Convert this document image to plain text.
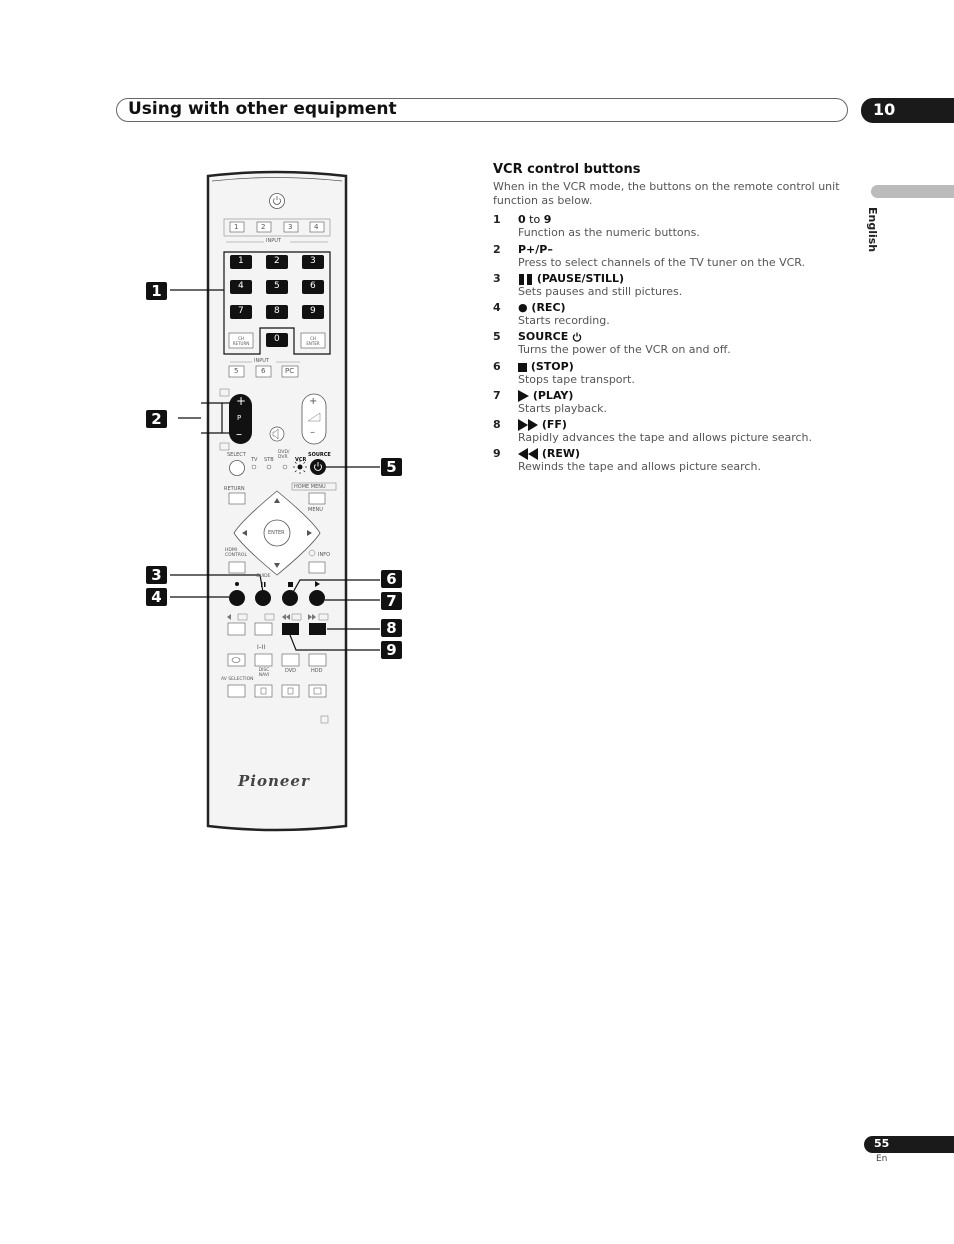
Using with other equipment	10
English
55
En
VCR control buttons
When in the VCR mode, the buttons on the remote control unit function as below.
1 0 to 9
Function as the numeric buttons.
2 P+/P–
Press to select channels of the TV tuner on the VCR.
3	(PAUSE/STILL)
Sets pauses and still pictures.
4 ● (REC)
Starts recording.
5 SOURCE
Turns the power of the VCR on and off.
6	(STOP)
Stops tape transport.
7	(PLAY)
Starts playback.
8	(FF)
Rapidly advances the tape and allows picture search.
9	(REW)
Rewinds the tape and allows picture search.
1	2	3	4
INPUT
1	2	3
4	5	6
7	8	9
0
CH RETURN
CH ENTER
INPUT
5	6	PC
+
P
–
+
–
SELECT
TV STB
DVD/ DVR	VCR
SOURCE
RETURN	HOME MENU
MENU
ENTER
HDMI CONTROL	INFO
GUIDE
I–II
DISC NAVI
DVD	HDD
AV SELECTION
Pioneer
1
2
3
4
5
6
7
8
9
